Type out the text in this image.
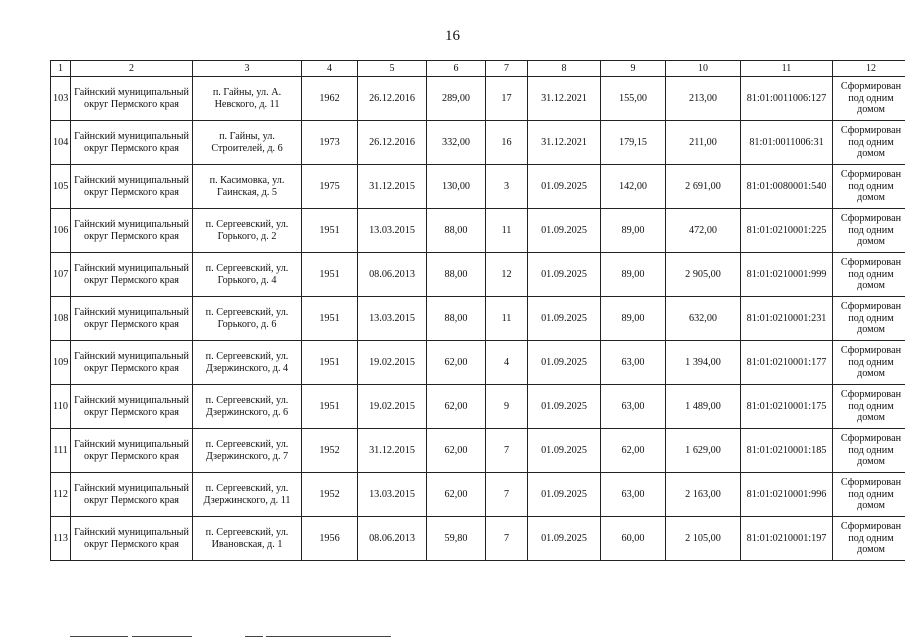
16
1	2	3	4	5	6	7	8	9	10	11	12
103	Гайнский муниципальный округ Пермского края	п. Гайны, ул. А. Невского, д. 11	1962	26.12.2016	289,00	17	31.12.2021	155,00	213,00	81:01:0011006:127	Сформирован под одним домом
104	Гайнский муниципальный округ Пермского края	п. Гайны, ул. Строителей, д. 6	1973	26.12.2016	332,00	16	31.12.2021	179,15	211,00	81:01:0011006:31	Сформирован под одним домом
105	Гайнский муниципальный округ Пермского края	п. Касимовка, ул. Гаинская, д. 5	1975	31.12.2015	130,00	3	01.09.2025	142,00	2 691,00	81:01:0080001:540	Сформирован под одним домом
106	Гайнский муниципальный округ Пермского края	п. Сергеевский, ул. Горького, д. 2	1951	13.03.2015	88,00	11	01.09.2025	89,00	472,00	81:01:0210001:225	Сформирован под одним домом
107	Гайнский муниципальный округ Пермского края	п. Сергеевский, ул. Горького, д. 4	1951	08.06.2013	88,00	12	01.09.2025	89,00	2 905,00	81:01:0210001:999	Сформирован под одним домом
108	Гайнский муниципальный округ Пермского края	п. Сергеевский, ул. Горького, д. 6	1951	13.03.2015	88,00	11	01.09.2025	89,00	632,00	81:01:0210001:231	Сформирован под одним домом
109	Гайнский муниципальный округ Пермского края	п. Сергеевский, ул. Дзержинского, д. 4	1951	19.02.2015	62,00	4	01.09.2025	63,00	1 394,00	81:01:0210001:177	Сформирован под одним домом
110	Гайнский муниципальный округ Пермского края	п. Сергеевский, ул. Дзержинского, д. 6	1951	19.02.2015	62,00	9	01.09.2025	63,00	1 489,00	81:01:0210001:175	Сформирован под одним домом
111	Гайнский муниципальный округ Пермского края	п. Сергеевский, ул. Дзержинского, д. 7	1952	31.12.2015	62,00	7	01.09.2025	62,00	1 629,00	81:01:0210001:185	Сформирован под одним домом
112	Гайнский муниципальный округ Пермского края	п. Сергеевский, ул. Дзержинского, д. 11	1952	13.03.2015	62,00	7	01.09.2025	63,00	2 163,00	81:01:0210001:996	Сформирован под одним домом
113	Гайнский муниципальный округ Пермского края	п. Сергеевский, ул. Ивановская, д. 1	1956	08.06.2013	59,80	7	01.09.2025	60,00	2 105,00	81:01:0210001:197	Сформирован под одним домом
